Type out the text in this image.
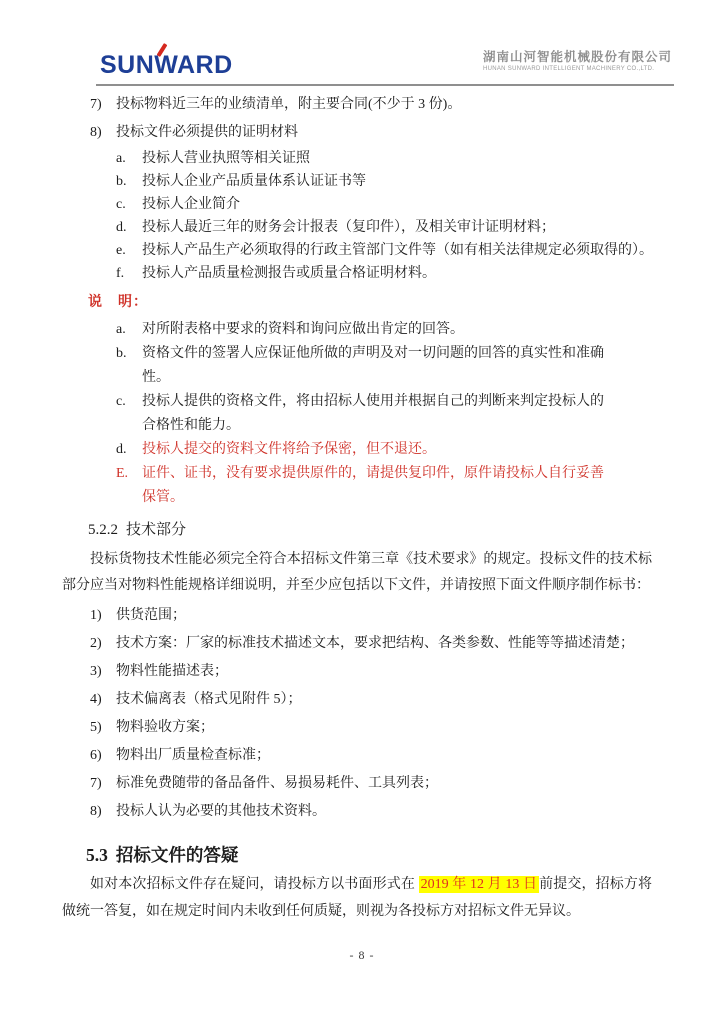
SUNWARD	湖南山河智能机械股份有限公司
HUNAN SUNWARD INTELLIGENT MACHINERY CO.,LTD.
7)	投标物料近三年的业绩清单，附主要合同(不少于 3 份)。
8)	投标文件必须提供的证明材料
a.	投标人营业执照等相关证照
b.	投标人企业产品质量体系认证证书等
c.	投标人企业简介
d.	投标人最近三年的财务会计报表（复印件），及相关审计证明材料；
e.	投标人产品生产必须取得的行政主管部门文件等（如有相关法律规定必须取得的）。
f.	投标人产品质量检测报告或质量合格证明材料。
说　明：
a.	对所附表格中要求的资料和询问应做出肯定的回答。
b.	资格文件的签署人应保证他所做的声明及对一切问题的回答的真实性和准确性。
c.	投标人提供的资格文件，将由招标人使用并根据自己的判断来判定投标人的合格性和能力。
d.	投标人提交的资料文件将给予保密，但不退还。
E. 证件、证书，没有要求提供原件的，请提供复印件，原件请投标人自行妥善保管。
5.2.2 技术部分

投标货物技术性能必须完全符合本招标文件第三章《技术要求》的规定。投标文件的技术标部分应当对物料性能规格详细说明，并至少应包括以下文件，并请按照下面文件顺序制作标书：

1)	供货范围；
2)	技术方案：厂家的标准技术描述文本，要求把结构、各类参数、性能等等描述清楚；
3)	物料性能描述表；
4)	技术偏离表（格式见附件 5）；
5)	物料验收方案；
6)	物料出厂质量检查标准；
7)	标准免费随带的备品备件、易损易耗件、工具列表；
8)	投标人认为必要的其他技术资料。
5.3 招标文件的答疑

如对本次招标文件存在疑问，请投标方以书面形式在 2019 年 12 月 13 日 前提交，招标方将做统一答复，如在规定时间内未收到任何质疑，则视为各投标方对招标文件无异议。

- 8 -
